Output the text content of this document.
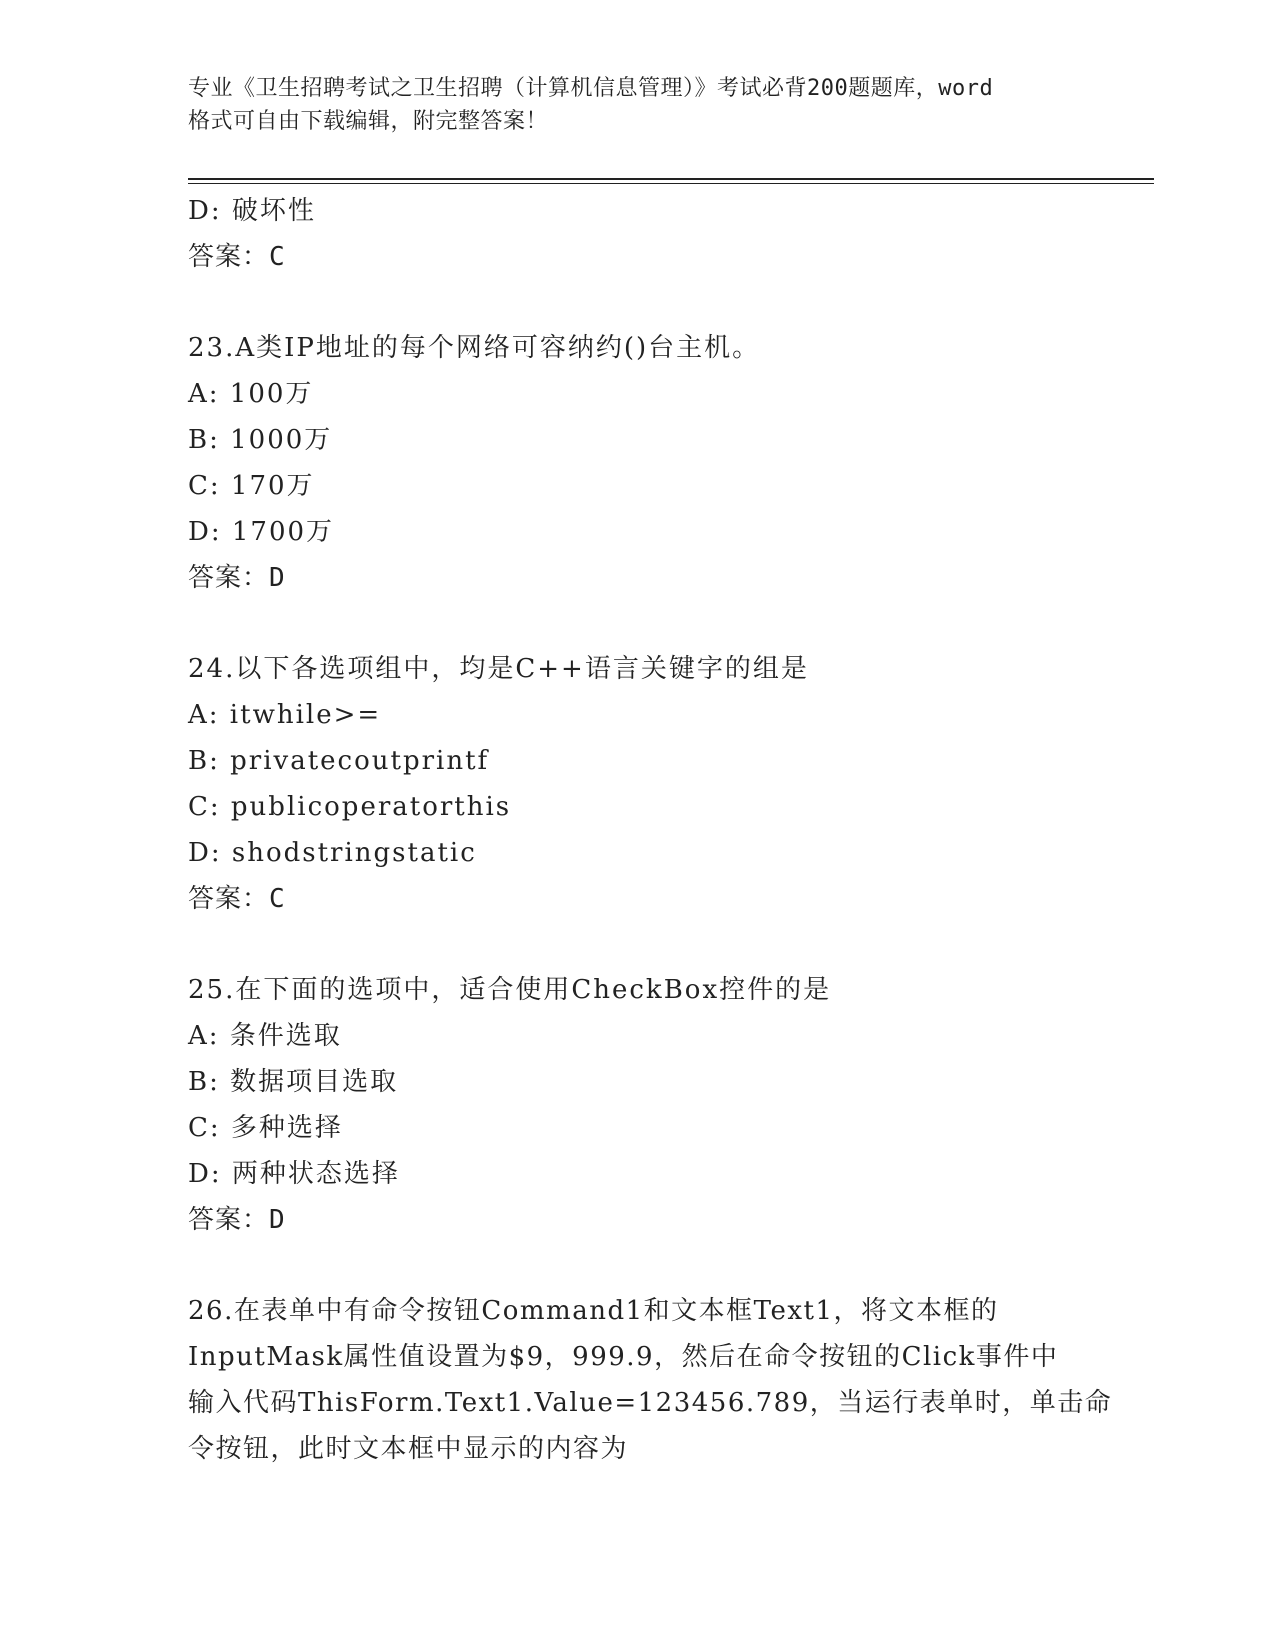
专业《卫生招聘考试之卫生招聘（计算机信息管理）》考试必背200题题库，word
格式可自由下载编辑，附完整答案！
D: 破坏性
答案：C
23.A类IP地址的每个网络可容纳约()台主机。
A: 100万
B: 1000万
C: 170万
D: 1700万
答案：D
24.以下各选项组中，均是C++语言关键字的组是
A: itwhile>=
B: privatecoutprintf
C: publicoperatorthis
D: shodstringstatic
答案：C
25.在下面的选项中，适合使用CheckBox控件的是
A: 条件选取
B: 数据项目选取
C: 多种选择
D: 两种状态选择
答案：D
26.在表单中有命令按钮Command1和文本框Text1，将文本框的
InputMask属性值设置为$9，999.9，然后在命令按钮的Click事件中
输入代码ThisForm.Text1.Value=123456.789，当运行表单时，单击命
令按钮，此时文本框中显示的内容为
